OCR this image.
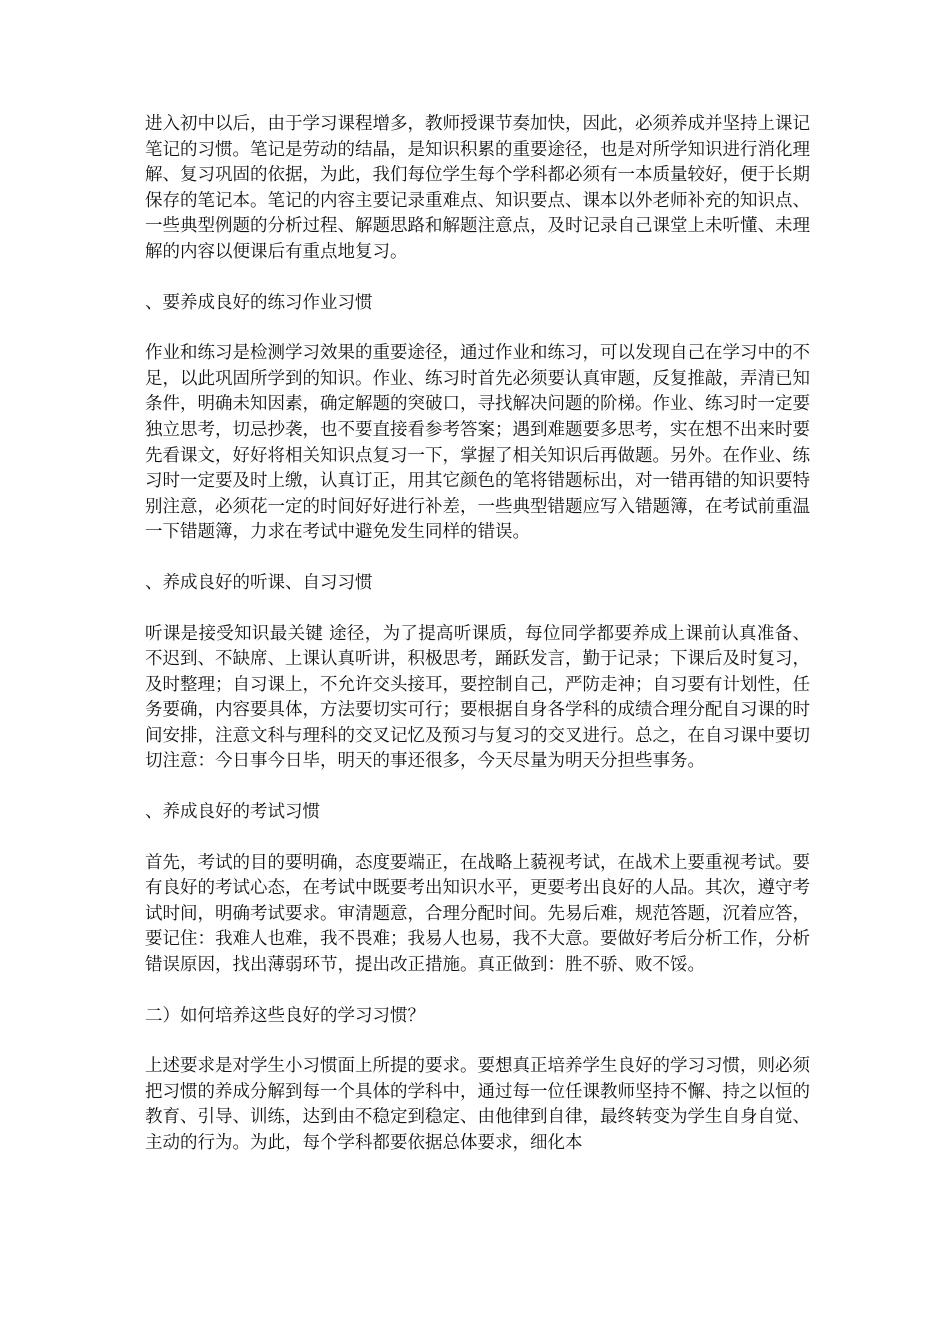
进入初中以后，由于学习课程增多，教师授课节奏加快，因此，必须养成并坚持上课记笔记的习惯。笔记是劳动的结晶，是知识积累的重要途径，也是对所学知识进行消化理解、复习巩固的依据，为此，我们每位学生每个学科都必须有一本质量较好，便于长期保存的笔记本。笔记的内容主要记录重难点、知识要点、课本以外老师补充的知识点、一些典型例题的分析过程、解题思路和解题注意点，及时记录自己课堂上未听懂、未理解的内容以便课后有重点地复习。

、要养成良好的练习作业习惯

作业和练习是检测学习效果的重要途径，通过作业和练习，可以发现自己在学习中的不足，以此巩固所学到的知识。作业、练习时首先必须要认真审题，反复推敲，弄清已知条件，明确未知因素，确定解题的突破口，寻找解决问题的阶梯。作业、练习时一定要独立思考，切忌抄袭，也不要直接看参考答案；遇到难题要多思考，实在想不出来时要先看课文，好好将相关知识点复习一下，掌握了相关知识后再做题。另外。在作业、练习时一定要及时上缴，认真订正，用其它颜色的笔将错题标出，对一错再错的知识要特别注意，必须花一定的时间好好进行补差，一些典型错题应写入错题簿，在考试前重温一下错题簿，力求在考试中避免发生同样的错误。

、养成良好的听课、自习习惯

听课是接受知识最关键 途径，为了提高听课质，每位同学都要养成上课前认真准备、不迟到、不缺席、上课认真听讲，积极思考，踊跃发言，勤于记录；下课后及时复习，及时整理；自习课上，不允许交头接耳，要控制自己，严防走神；自习要有计划性，任务要确，内容要具体，方法要切实可行；要根据自身各学科的成绩合理分配自习课的时间安排，注意文科与理科的交叉记忆及预习与复习的交叉进行。总之，在自习课中要切切注意：今日事今日毕，明天的事还很多，今天尽量为明天分担些事务。

、养成良好的考试习惯

首先，考试的目的要明确，态度要端正，在战略上藐视考试，在战术上要重视考试。要有良好的考试心态，在考试中既要考出知识水平，更要考出良好的人品。其次，遵守考试时间，明确考试要求。审清题意，合理分配时间。先易后难，规范答题，沉着应答，要记住：我难人也难，我不畏难；我易人也易，我不大意。要做好考后分析工作，分析错误原因，找出薄弱环节，提出改正措施。真正做到：胜不骄、败不馁。

二）如何培养这些良好的学习习惯？

上述要求是对学生小习惯面上所提的要求。要想真正培养学生良好的学习习惯，则必须把习惯的养成分解到每一个具体的学科中，通过每一位任课教师坚持不懈、持之以恒的教育、引导、训练，达到由不稳定到稳定、由他律到自律，最终转变为学生自身自觉、主动的行为。为此，每个学科都要依据总体要求，细化本
